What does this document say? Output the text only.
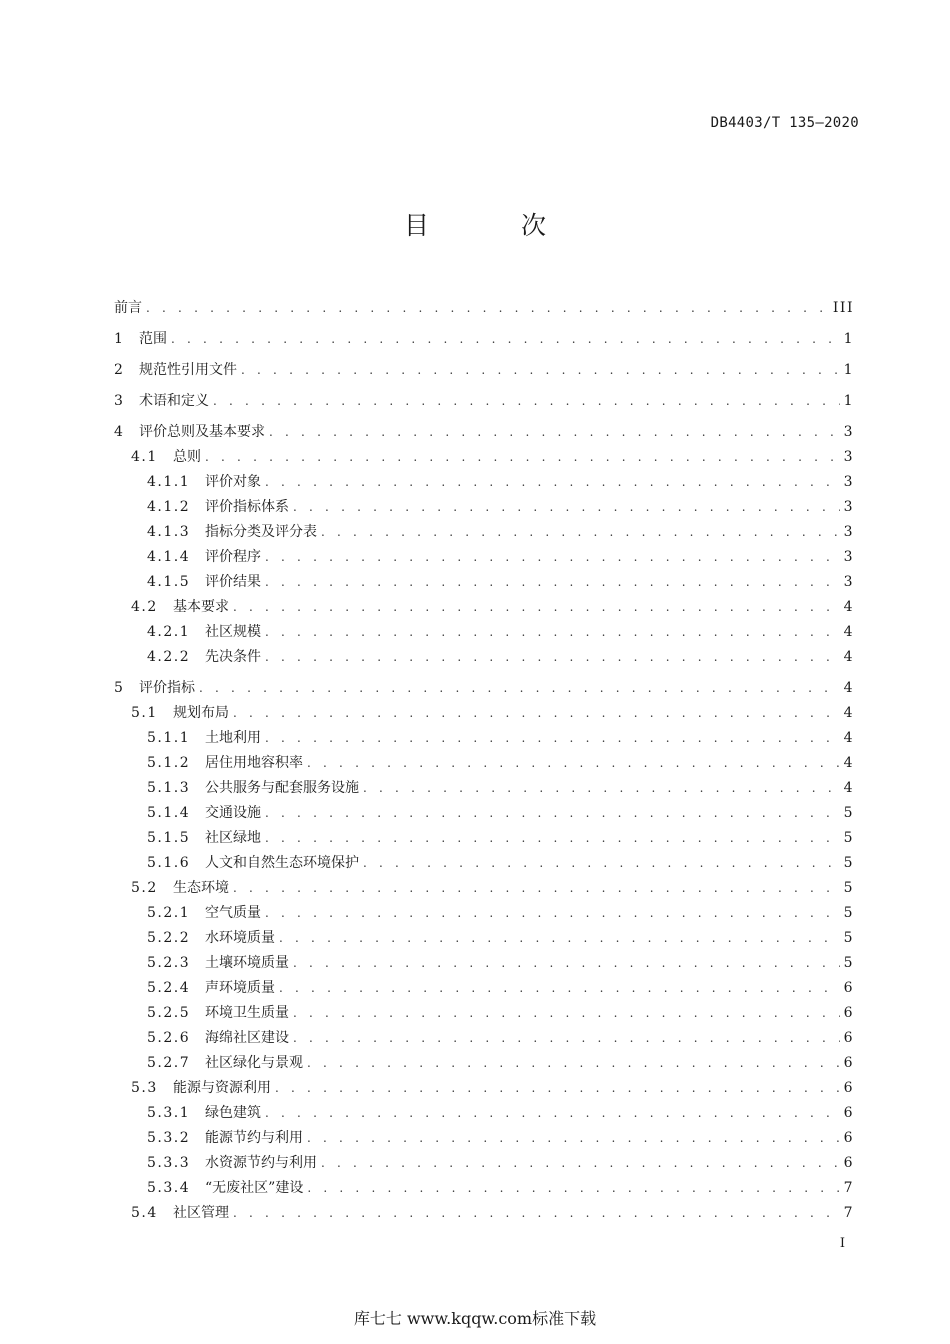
DB4403/T 135—2020
目 次
前言 . . .	III
1	范围 . . .	1
2	规范性引用文件 . . .	1
3	术语和定义 . . .	1
4	评价总则及基本要求 . . .	3
4.1	总则 . . .	3
4.1.1	评价对象 . . .	3
4.1.2	评价指标体系 . . .	3
4.1.3	指标分类及评分表 . . .	3
4.1.4	评价程序 . . .	3
4.1.5	评价结果 . . .	3
4.2	基本要求 . . .	4
4.2.1	社区规模 . . .	4
4.2.2	先决条件 . . .	4
5	评价指标 . . .	4
5.1	规划布局 . . .	4
5.1.1	土地利用 . . .	4
5.1.2	居住用地容积率 . . .	4
5.1.3	公共服务与配套服务设施 . . .	4
5.1.4	交通设施 . . .	5
5.1.5	社区绿地 . . .	5
5.1.6	人文和自然生态环境保护 . . .	5
5.2	生态环境 . . .	5
5.2.1	空气质量 . . .	5
5.2.2	水环境质量 . . .	5
5.2.3	土壤环境质量 . . .	5
5.2.4	声环境质量 . . .	6
5.2.5	环境卫生质量 . . .	6
5.2.6	海绵社区建设 . . .	6
5.2.7	社区绿化与景观 . . .	6
5.3	能源与资源利用 . . .	6
5.3.1	绿色建筑 . . .	6
5.3.2	能源节约与利用 . . .	6
5.3.3	水资源节约与利用 . . .	6
5.3.4	“无废社区”建设 . . .	7
5.4	社区管理 . . .	7
I
库七七 www.kqqw.com标准下载
